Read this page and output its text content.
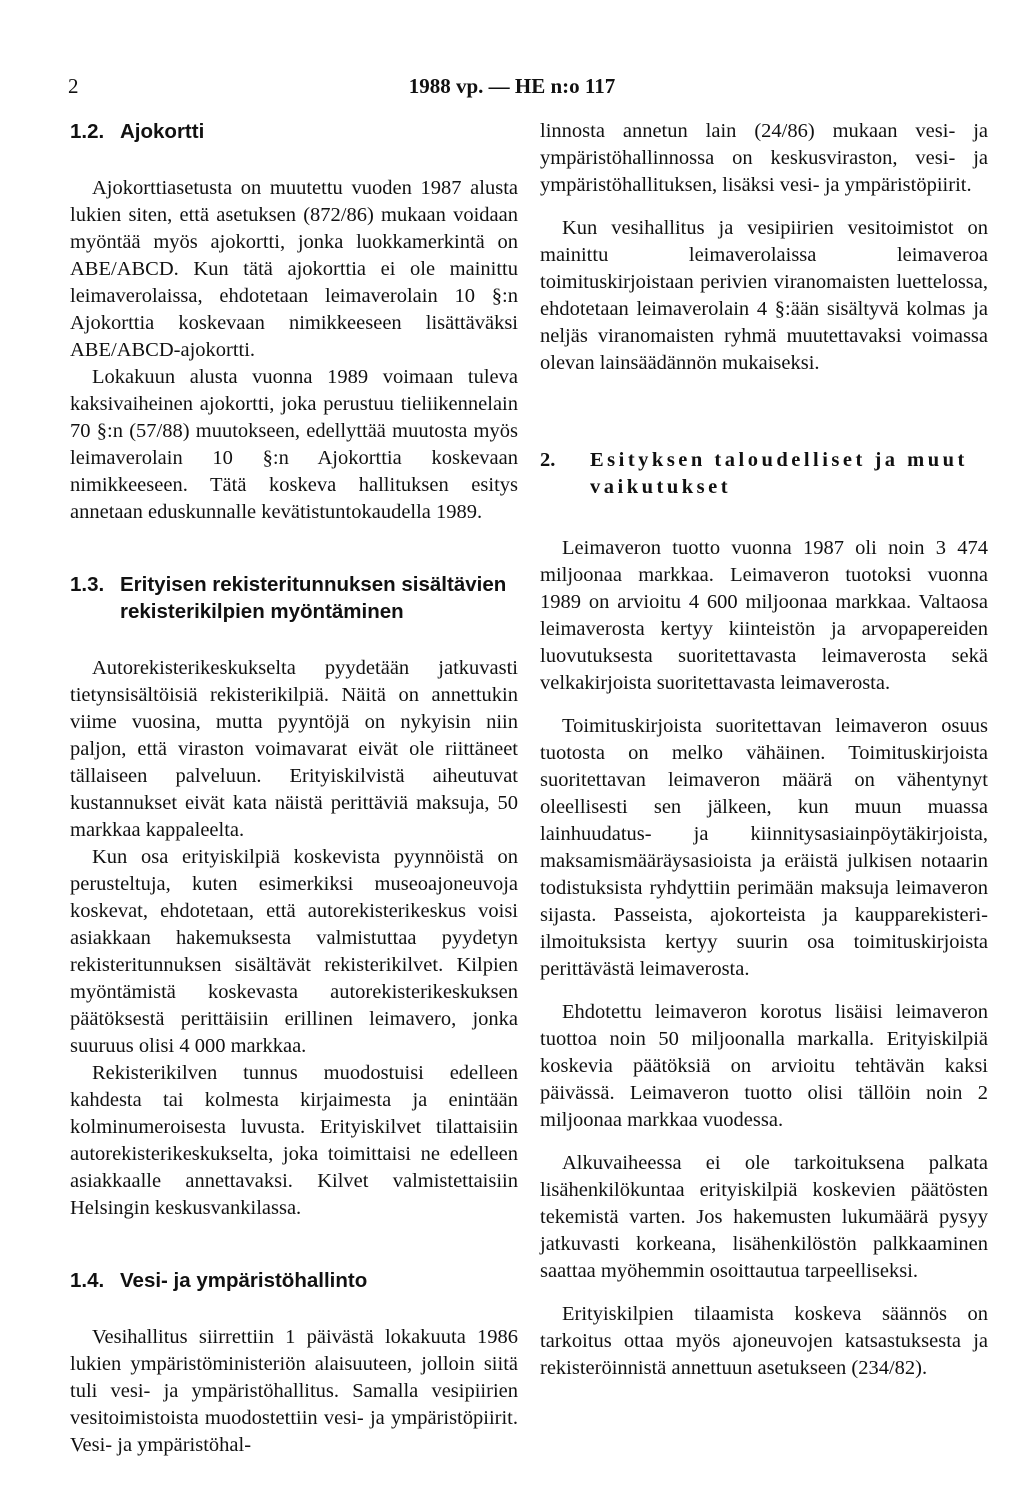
2	1988 vp. — HE n:o 117
1.2. Ajokortti

Ajokorttiasetusta on muutettu vuoden 1987 alusta lukien siten, että asetuksen (872/86) mukaan voidaan myöntää myös ajokortti, jonka luokkamerkintä on ABE/ABCD. Kun tätä ajokorttia ei ole mainittu leimaverolaissa, ehdotetaan leimaverolain 10 §:n Ajokorttia koskevaan nimikkeeseen lisättäväksi ABE/ABCD-ajokortti.

Lokakuun alusta vuonna 1989 voimaan tuleva kaksivaiheinen ajokortti, joka perustuu tieliikennelain 70 §:n (57/88) muutokseen, edellyttää muutosta myös leimaverolain 10 §:n Ajokorttia koskevaan nimikkeeseen. Tätä koskeva hallituksen esitys annetaan eduskunnalle kevätistuntokaudella 1989.

1.3. Erityisen rekisteritunnuksen sisältävien rekisterikilpien myöntäminen

Autorekisterikeskukselta pyydetään jatkuvasti tietynsisältöisiä rekisterikilpiä. Näitä on annettukin viime vuosina, mutta pyyntöjä on nykyisin niin paljon, että viraston voimavarat eivät ole riittäneet tällaiseen palveluun. Erityiskilvistä aiheutuvat kustannukset eivät kata näistä perittäviä maksuja, 50 markkaa kappaleelta.

Kun osa erityiskilpiä koskevista pyynnöistä on perusteltuja, kuten esimerkiksi museoajoneuvoja koskevat, ehdotetaan, että autorekisterikeskus voisi asiakkaan hakemuksesta valmistuttaa pyydetyn rekisteritunnuksen sisältävät rekisterikilvet. Kilpien myöntämistä koskevasta autorekisterikeskuksen päätöksestä perittäisiin erillinen leimavero, jonka suuruus olisi 4 000 markkaa.

Rekisterikilven tunnus muodostuisi edelleen kahdesta tai kolmesta kirjaimesta ja enintään kolminumeroisesta luvusta. Erityiskilvet tilattaisiin autorekisterikeskukselta, joka toimittaisi ne edelleen asiakkaalle annettavaksi. Kilvet valmistettaisiin Helsingin keskusvankilassa.

1.4. Vesi- ja ympäristöhallinto

Vesihallitus siirrettiin 1 päivästä lokakuuta 1986 lukien ympäristöministeriön alaisuuteen, jolloin siitä tuli vesi- ja ympäristöhallitus. Samalla vesipiirien vesitoimistoista muodostettiin vesi- ja ympäristöpiirit. Vesi- ja ympäristöhal-

linnosta annetun lain (24/86) mukaan vesi- ja ympäristöhallinnossa on keskusviraston, vesi- ja ympäristöhallituksen, lisäksi vesi- ja ympäristöpiirit.

Kun vesihallitus ja vesipiirien vesitoimistot on mainittu leimaverolaissa leimaveroa toimituskirjoistaan perivien viranomaisten luettelossa, ehdotetaan leimaverolain 4 §:ään sisältyvä kolmas ja neljäs viranomaisten ryhmä muutettavaksi voimassa olevan lainsäädännön mukaiseksi.

2.	Esityksen taloudelliset ja muut vaikutukset

Leimaveron tuotto vuonna 1987 oli noin 3 474 miljoonaa markkaa. Leimaveron tuotoksi vuonna 1989 on arvioitu 4 600 miljoonaa markkaa. Valtaosa leimaverosta kertyy kiinteistön ja arvopapereiden luovutuksesta suoritettavasta leimaverosta sekä velkakirjoista suoritettavasta leimaverosta.

Toimituskirjoista suoritettavan leimaveron osuus tuotosta on melko vähäinen. Toimituskirjoista suoritettavan leimaveron määrä on vähentynyt oleellisesti sen jälkeen, kun muun muassa lainhuudatus- ja kiinnitysasiainpöytäkirjoista, maksamismääräysasioista ja eräistä julkisen notaarin todistuksista ryhdyttiin perimään maksuja leimaveron sijasta. Passeista, ajokorteista ja kaupparekisteri-ilmoituksista kertyy suurin osa toimituskirjoista perittävästä leimaverosta.

Ehdotettu leimaveron korotus lisäisi leimaveron tuottoa noin 50 miljoonalla markalla. Erityiskilpiä koskevia päätöksiä on arvioitu tehtävän kaksi päivässä. Leimaveron tuotto olisi tällöin noin 2 miljoonaa markkaa vuodessa.

Alkuvaiheessa ei ole tarkoituksena palkata lisähenkilökuntaa erityiskilpiä koskevien päätösten tekemistä varten. Jos hakemusten lukumäärä pysyy jatkuvasti korkeana, lisähenkilöstön palkkaaminen saattaa myöhemmin osoittautua tarpeelliseksi.

Erityiskilpien tilaamista koskeva säännös on tarkoitus ottaa myös ajoneuvojen katsastuksesta ja rekisteröinnistä annettuun asetukseen (234/82).
